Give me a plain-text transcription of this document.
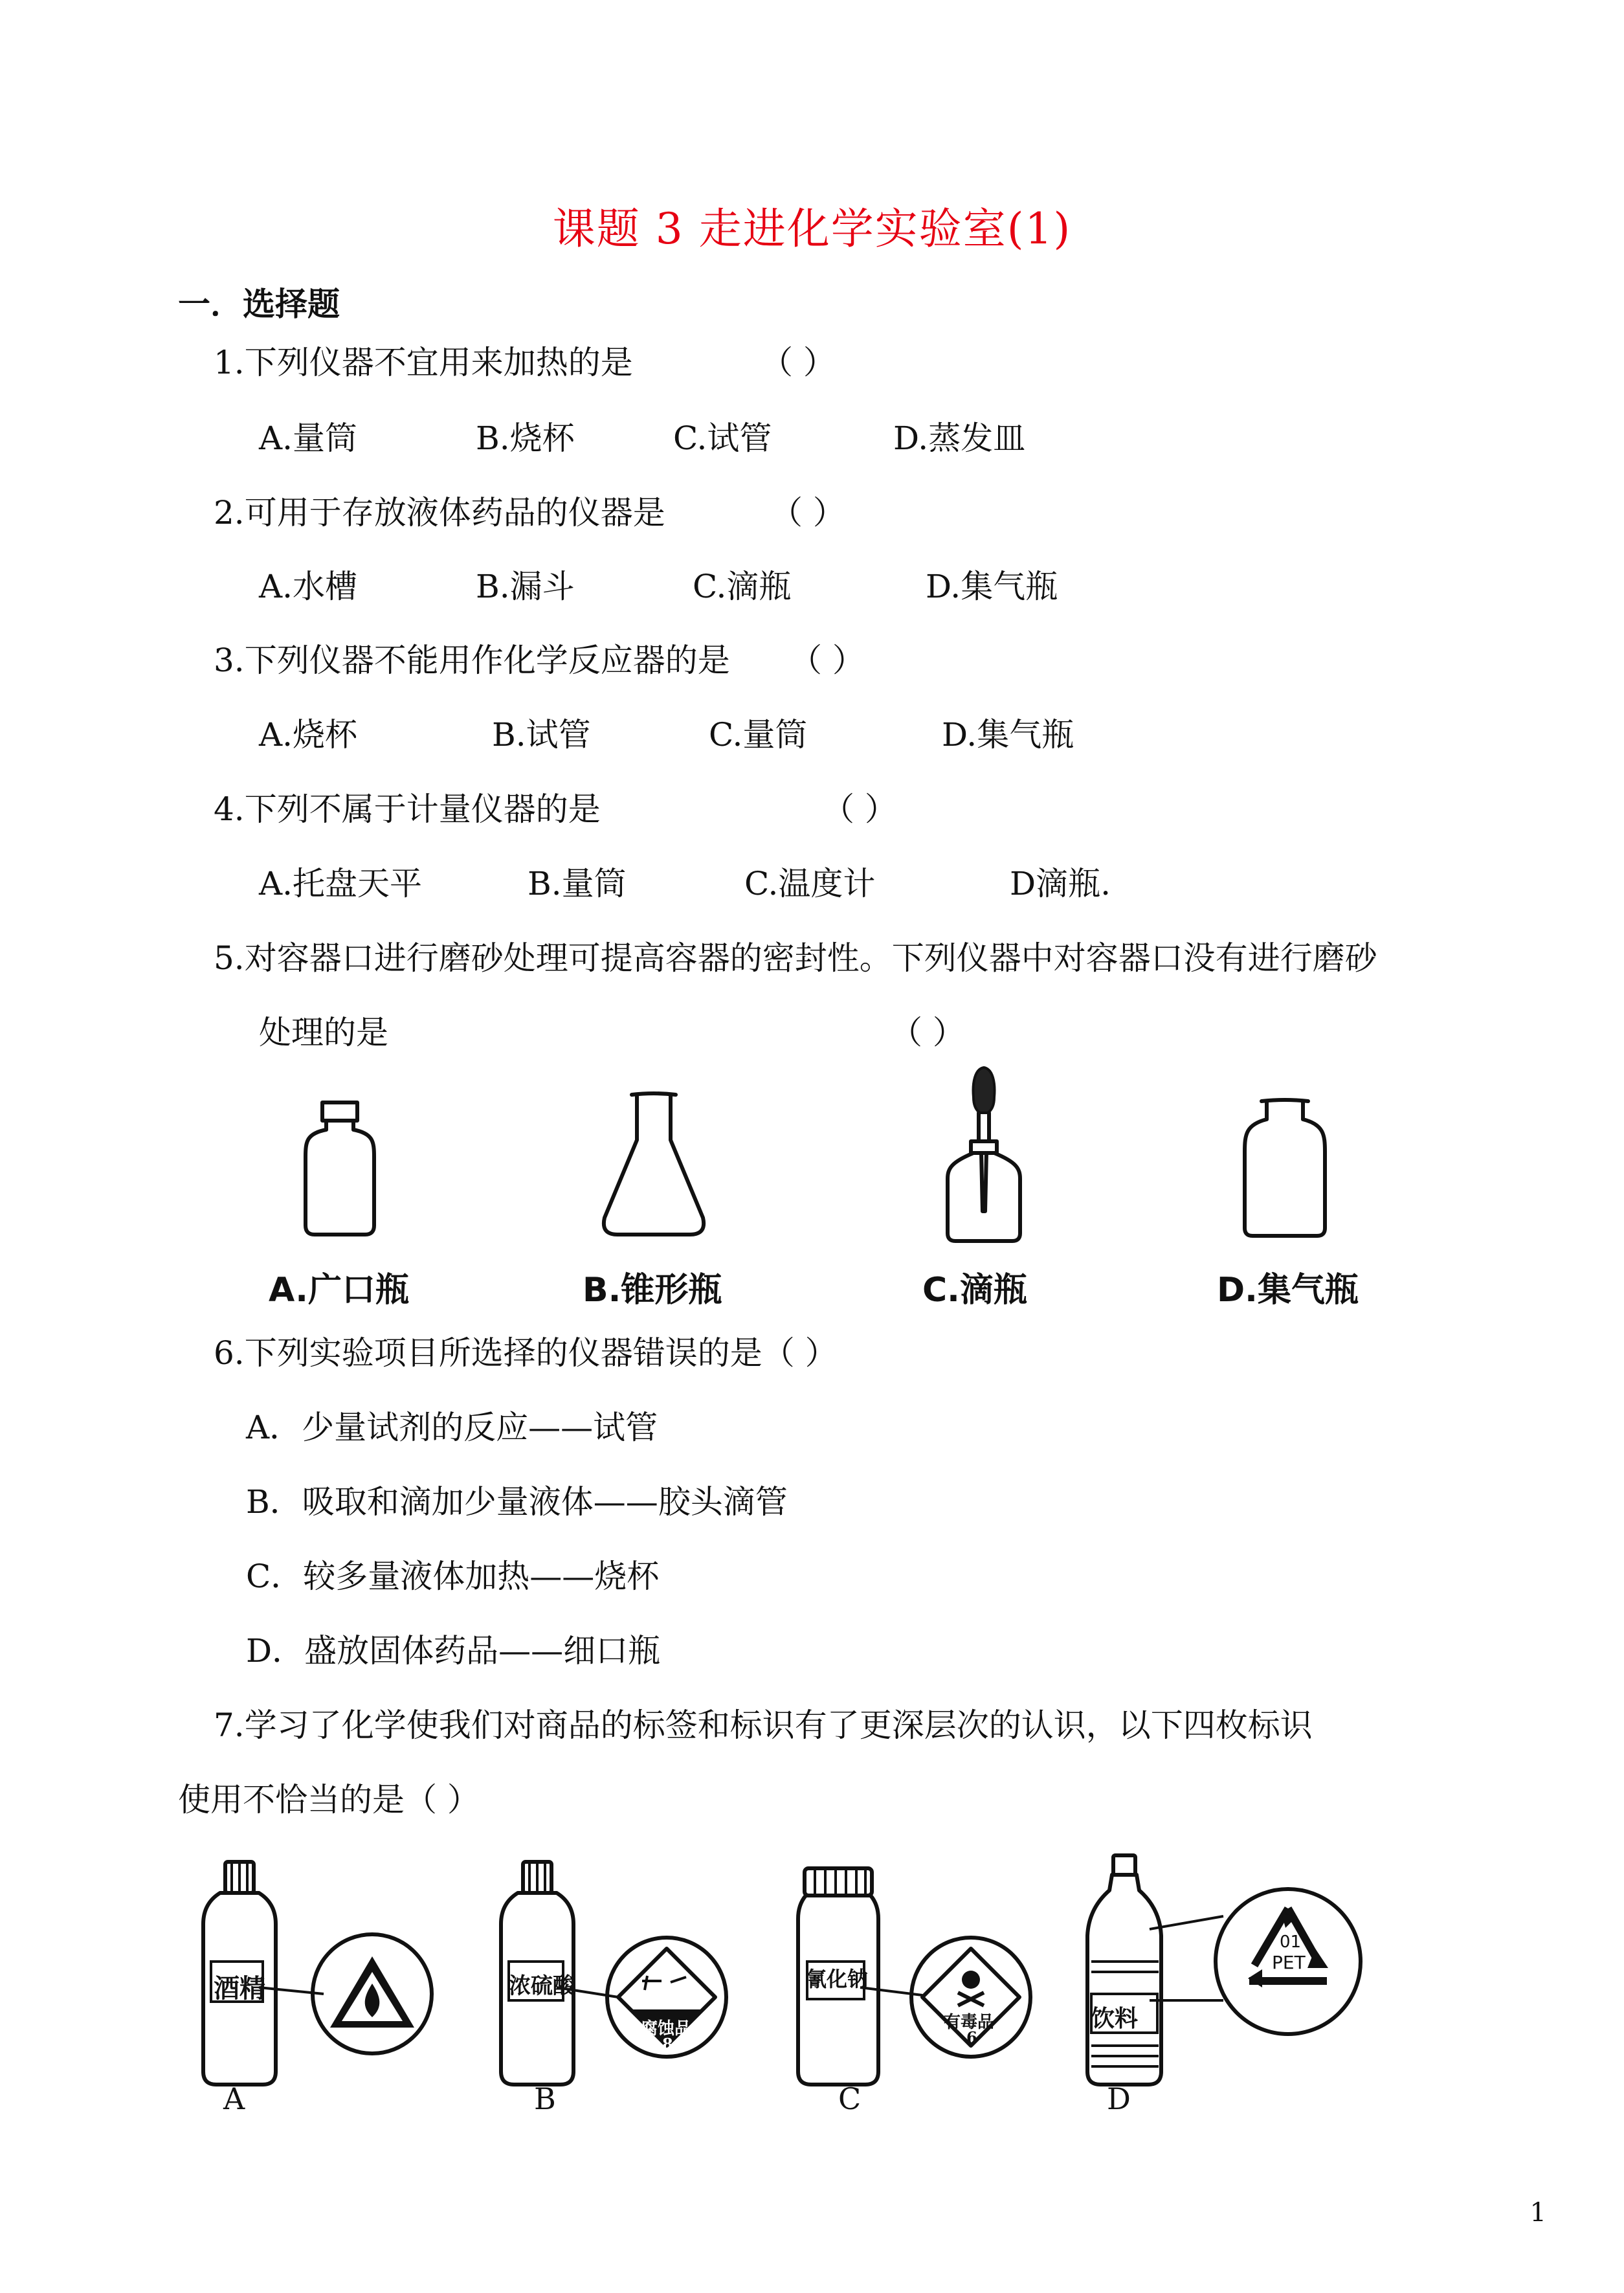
课题 3 走进化学实验室(1)
一．选择题
1.下列仪器不宜用来加热的是	（ ）
A.量筒	B.烧杯	C.试管	D.蒸发皿
2.可用于存放液体药品的仪器是	（ ）
A.水槽	B.漏斗	C.滴瓶	D.集气瓶
3.下列仪器不能用作化学反应器的是 （ ）
A.烧杯	B.试管	C.量筒	D.集气瓶
4.下列不属于计量仪器的是	（ ）
A.托盘天平	B.量筒	C.温度计	D滴瓶.
5.对容器口进行磨砂处理可提高容器的密封性。下列仪器中对容器口没有进行磨砂
处理的是	（ ）
A.广口瓶	B.锥形瓶	C.滴瓶	D.集气瓶
6.下列实验项目所选择的仪器错误的是（ ）
A．少量试剂的反应——试管
B．吸取和滴加少量液体——胶头滴管
C．较多量液体加热——烧杯
D．盛放固体药品——细口瓶
7.学习了化学使我们对商品的标签和标识有了更深层次的认识，以下四枚标识
使用不恰当的是（ ）
酒精	浓硫酸
腐蚀品
8
氰化钠
有毒品
6
饮料
01
PET
A	B	C	D
1
